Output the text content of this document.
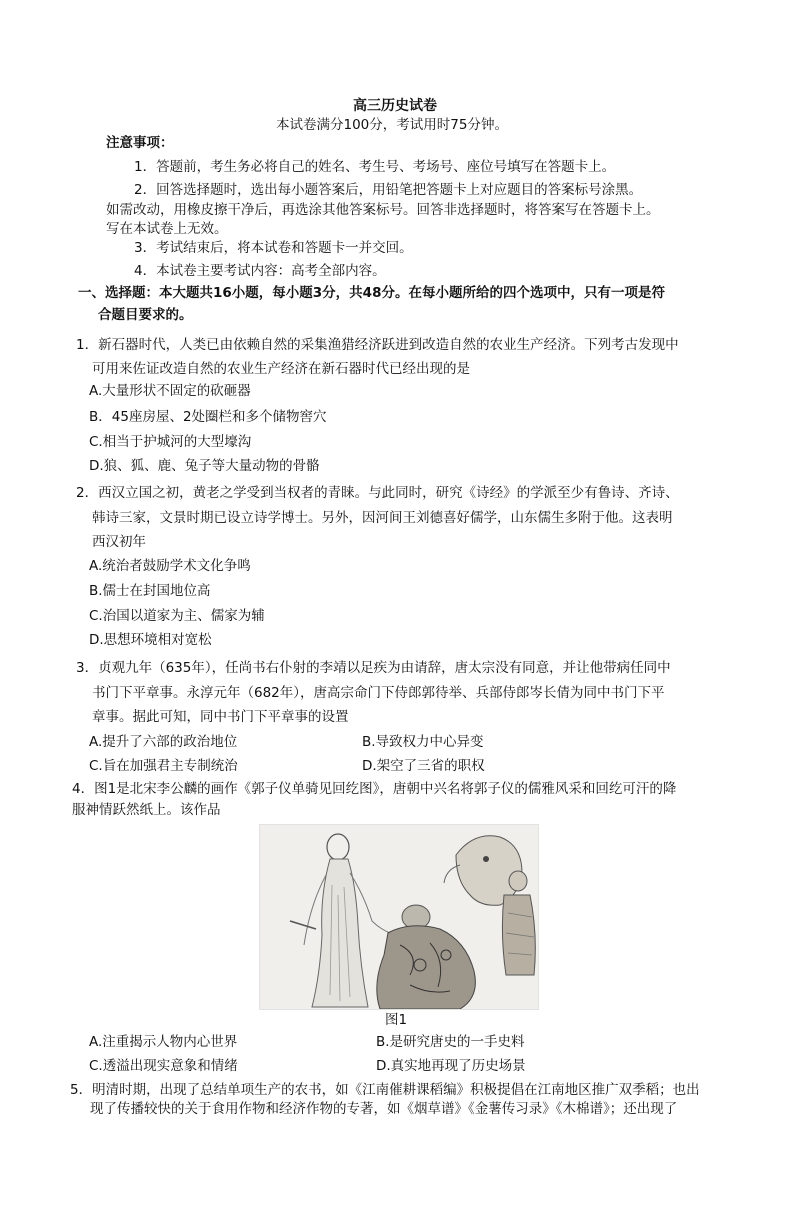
高三历史试卷
本试卷满分100分，考试用时75分钟。
注意事项：
1．答题前，考生务必将自己的姓名、考生号、考场号、座位号填写在答题卡上。
2．回答选择题时，选出每小题答案后，用铅笔把答题卡上对应题目的答案标号涂黑。
如需改动，用橡皮擦干净后，再选涂其他答案标号。回答非选择题时，将答案写在答题卡上。
写在本试卷上无效。
3．考试结束后，将本试卷和答题卡一并交回。
4．本试卷主要考试内容：高考全部内容。
一、选择题：本大题共16小题，每小题3分，共48分。在每小题所给的四个选项中，只有一项是符
合题目要求的。
1．新石器时代，人类已由依赖自然的采集渔猎经济跃进到改造自然的农业生产经济。下列考古发现中
可用来佐证改造自然的农业生产经济在新石器时代已经出现的是
A.大量形状不固定的砍砸器
B．45座房屋、2处圈栏和多个储物窖穴
C.相当于护城河的大型壕沟
D.狼、狐、鹿、兔子等大量动物的骨骼
2．西汉立国之初，黄老之学受到当权者的青睐。与此同时，研究《诗经》的学派至少有鲁诗、齐诗、
韩诗三家，文景时期已设立诗学博士。另外，因河间王刘德喜好儒学，山东儒生多附于他。这表明
西汉初年
A.统治者鼓励学术文化争鸣
B.儒士在封国地位高
C.治国以道家为主、儒家为辅
D.思想环境相对宽松
3．贞观九年（635年），任尚书右仆射的李靖以足疾为由请辞，唐太宗没有同意，并让他带病任同中
书门下平章事。永淳元年（682年），唐高宗命门下侍郎郭待举、兵部侍郎岑长倩为同中书门下平
章事。据此可知，同中书门下平章事的设置
A.提升了六部的政治地位	B.导致权力中心异变
C.旨在加强君主专制统治	D.架空了三省的职权
4．图1是北宋李公麟的画作《郭子仪单骑见回纥图》，唐朝中兴名将郭子仪的儒雅风采和回纥可汗的降
服神情跃然纸上。该作品
图1
A.注重揭示人物内心世界	B.是研究唐史的一手史料
C.透溢出现实意象和情绪	D.真实地再现了历史场景
5．明清时期，出现了总结单项生产的农书，如《江南催耕课稻编》积极提倡在江南地区推广双季稻；也出
现了传播较快的关于食用作物和经济作物的专著，如《烟草谱》《金薯传习录》《木棉谱》；还出现了
